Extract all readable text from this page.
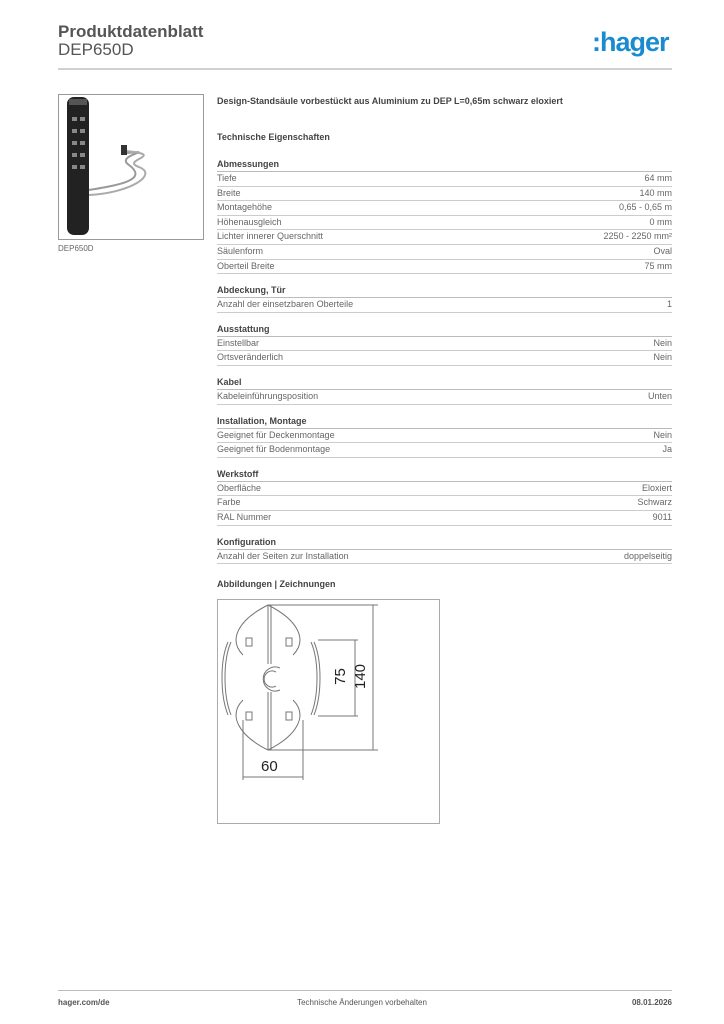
Produktdatenblatt
DEP650D	:hager
DEP650D
Design-Standsäule vorbestückt aus Aluminium zu DEP L=0,65m schwarz eloxiert
Technische Eigenschaften
Abmessungen
Tiefe	64 mm
Breite	140 mm
Montagehöhe	0,65 - 0,65 m
Höhenausgleich	0 mm
Lichter innerer Querschnitt	2250 - 2250 mm²
Säulenform	Oval
Oberteil Breite	75 mm
Abdeckung, Tür
Anzahl der einsetzbaren Oberteile	1
Ausstattung
Einstellbar	Nein
Ortsveränderlich	Nein
Kabel
Kabeleinführungsposition	Unten
Installation, Montage
Geeignet für Deckenmontage	Nein
Geeignet für Bodenmontage	Ja
Werkstoff
Oberfläche	Eloxiert
Farbe	Schwarz
RAL Nummer	9011
Konfiguration
Anzahl der Seiten zur Installation	doppelseitig
Abbildungen | Zeichnungen
75 140
60
hager.com/de	Technische Änderungen vorbehalten	08.01.2026
